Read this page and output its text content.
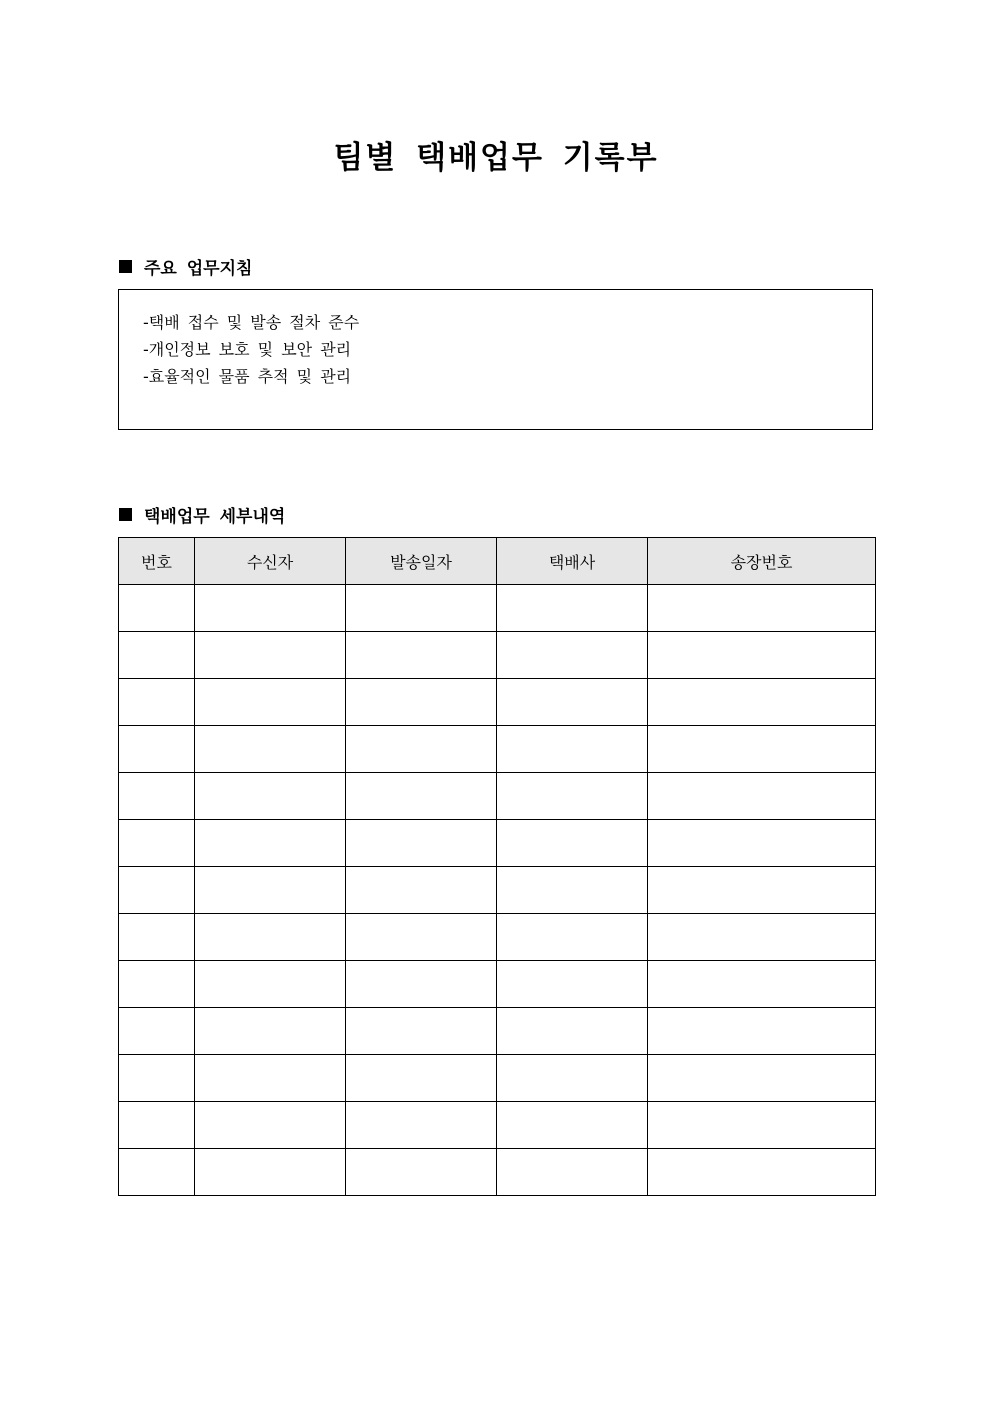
팀별 택배업무 기록부
주요 업무지침
-택배 접수 및 발송 절차 준수
-개인정보 보호 및 보안 관리
-효율적인 물품 추적 및 관리
택배업무 세부내역
번호	수신자	발송일자	택배사	송장번호
